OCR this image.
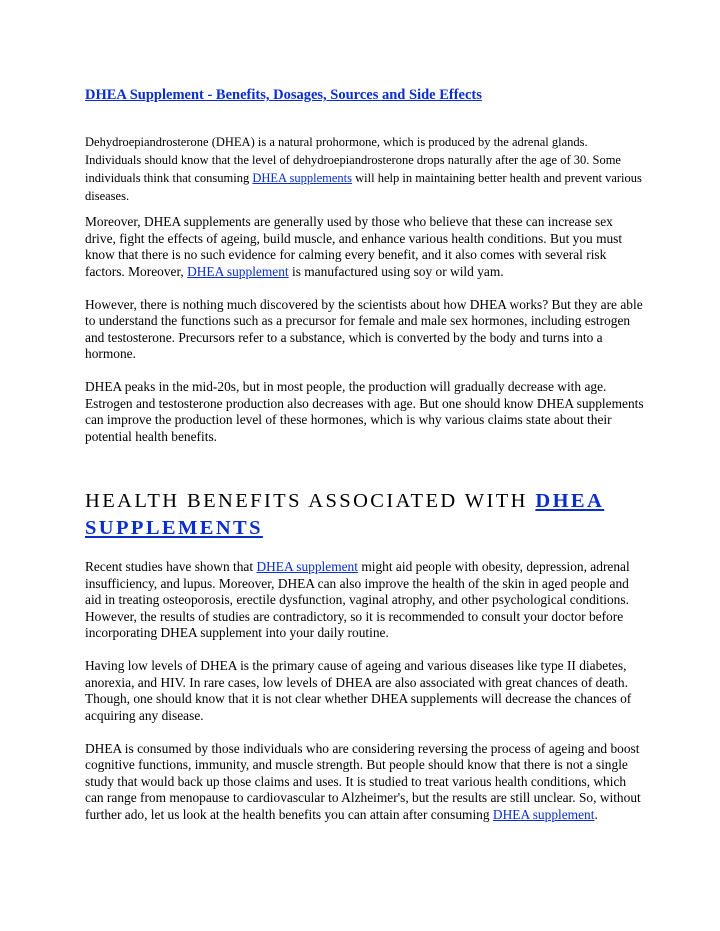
DHEA Supplement - Benefits, Dosages, Sources and Side Effects

Dehydroepiandrosterone (DHEA) is a natural prohormone, which is produced by the adrenal glands. Individuals should know that the level of dehydroepiandrosterone drops naturally after the age of 30. Some individuals think that consuming DHEA supplements will help in maintaining better health and prevent various diseases.

Moreover, DHEA supplements are generally used by those who believe that these can increase sex drive, fight the effects of ageing, build muscle, and enhance various health conditions. But you must know that there is no such evidence for calming every benefit, and it also comes with several risk factors. Moreover, DHEA supplement is manufactured using soy or wild yam.

However, there is nothing much discovered by the scientists about how DHEA works? But they are able to understand the functions such as a precursor for female and male sex hormones, including estrogen and testosterone. Precursors refer to a substance, which is converted by the body and turns into a hormone.

DHEA peaks in the mid-20s, but in most people, the production will gradually decrease with age. Estrogen and testosterone production also decreases with age. But one should know DHEA supplements can improve the production level of these hormones, which is why various claims state about their potential health benefits.

HEALTH BENEFITS ASSOCIATED WITH DHEA SUPPLEMENTS

Recent studies have shown that DHEA supplement might aid people with obesity, depression, adrenal insufficiency, and lupus. Moreover, DHEA can also improve the health of the skin in aged people and aid in treating osteoporosis, erectile dysfunction, vaginal atrophy, and other psychological conditions. However, the results of studies are contradictory, so it is recommended to consult your doctor before incorporating DHEA supplement into your daily routine.

Having low levels of DHEA is the primary cause of ageing and various diseases like type II diabetes, anorexia, and HIV. In rare cases, low levels of DHEA are also associated with great chances of death. Though, one should know that it is not clear whether DHEA supplements will decrease the chances of acquiring any disease.

DHEA is consumed by those individuals who are considering reversing the process of ageing and boost cognitive functions, immunity, and muscle strength. But people should know that there is not a single study that would back up those claims and uses. It is studied to treat various health conditions, which can range from menopause to cardiovascular to Alzheimer's, but the results are still unclear. So, without further ado, let us look at the health benefits you can attain after consuming DHEA supplement.
